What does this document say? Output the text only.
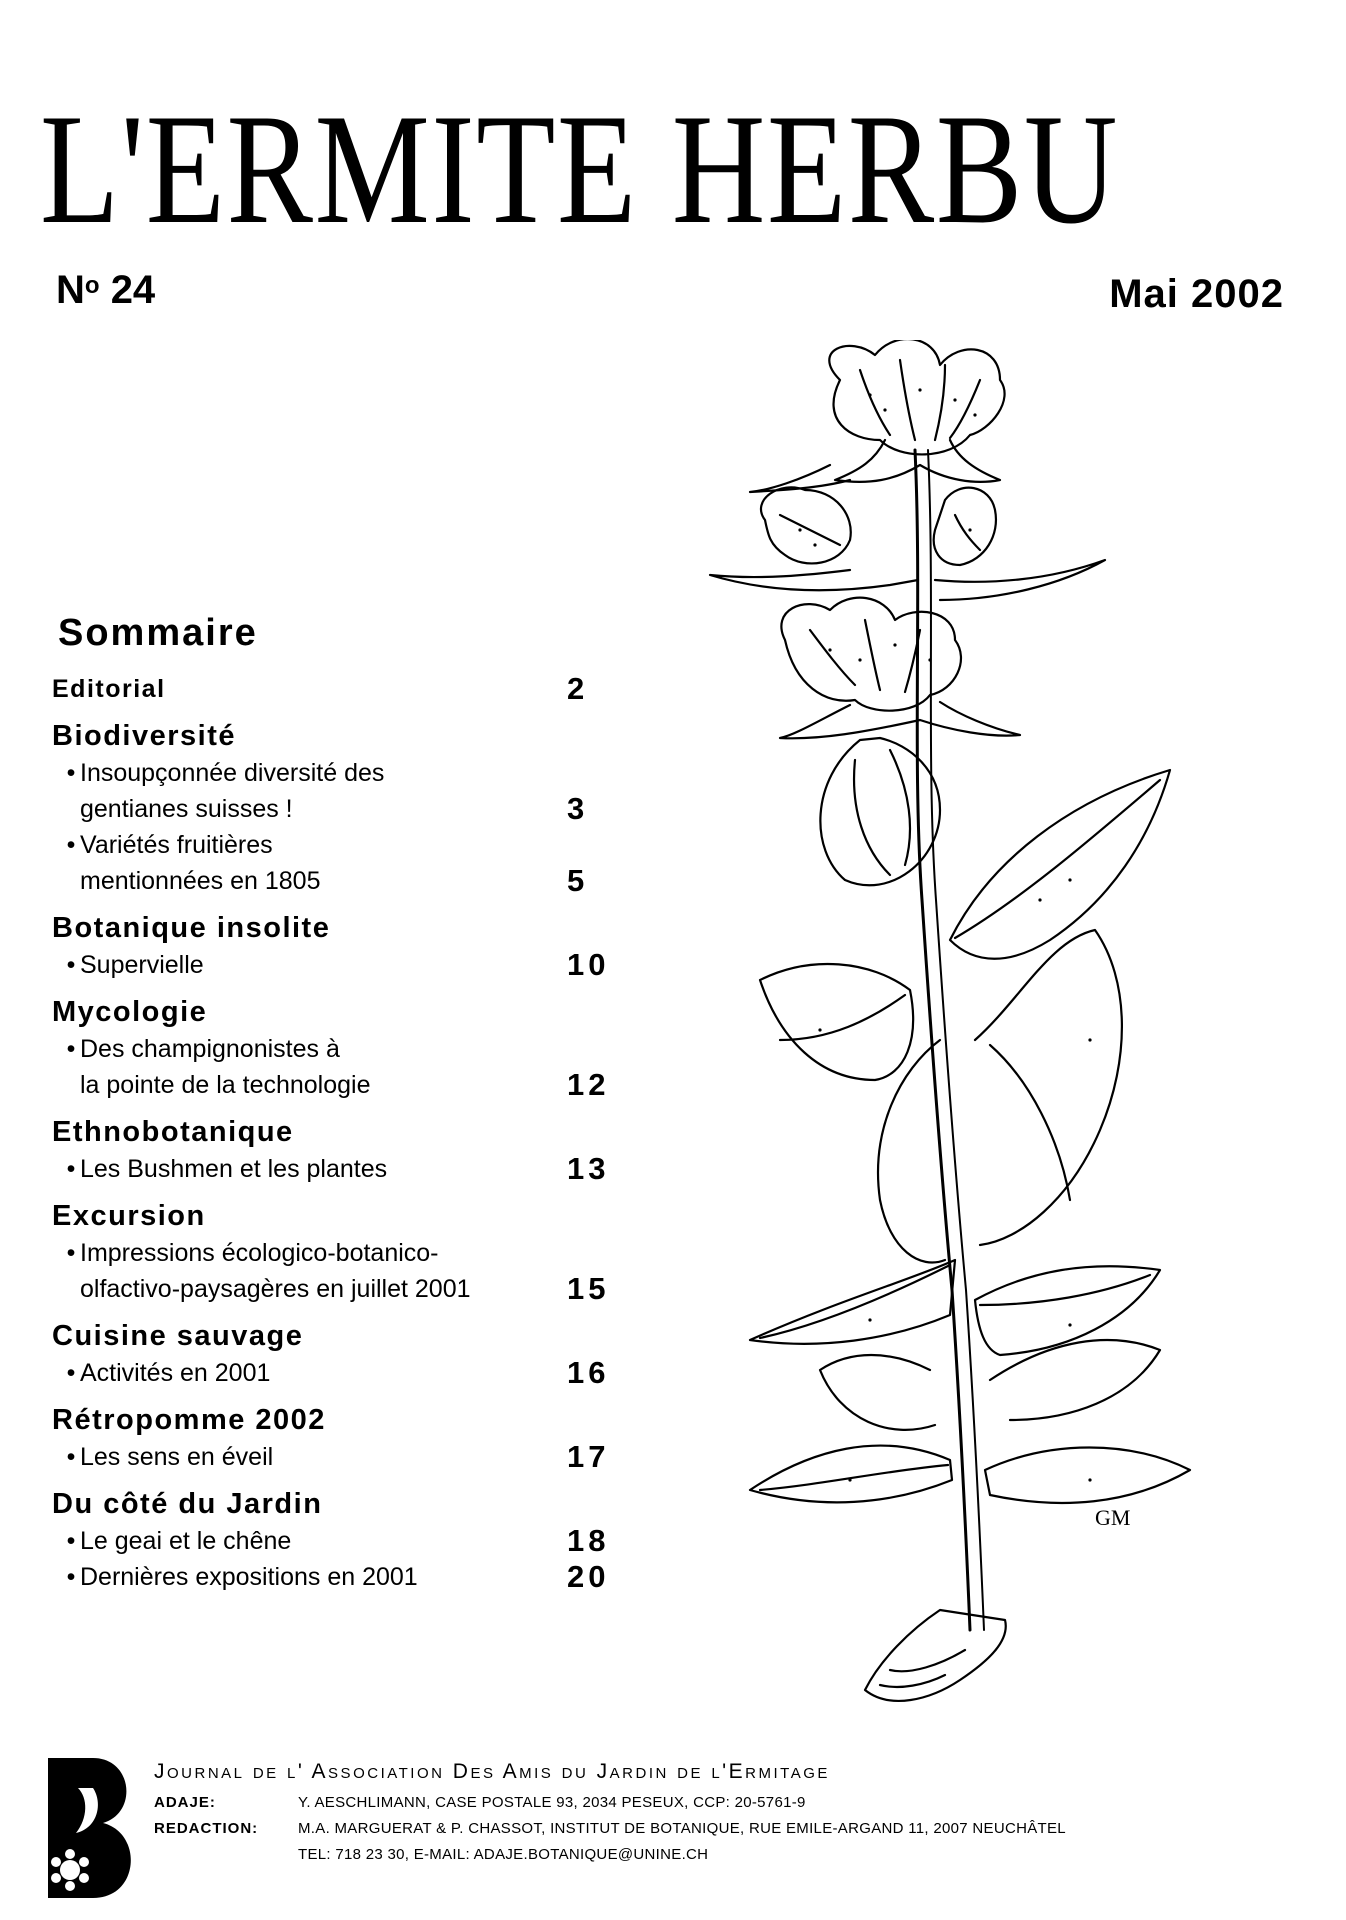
L'ERMITE HERBU
$N^o$ 24	Mai 2002
Sommaire
Editorial	2
Biodiversité
• Insoupçonnée diversité des
gentianes suisses !	3
• Variétés fruitières
mentionnées en 1805	5
Botanique insolite
• Supervielle	10
Mycologie
• Des champignonistes à
la pointe de la technologie	12
Ethnobotanique
• Les Bushmen et les plantes	13
Excursion
• Impressions écologico-botanico-
olfactivo-paysagères en juillet 2001	15
Cuisine sauvage
• Activités en 2001	16
Rétropomme 2002
• Les sens en éveil	17
Du côté du Jardin
• Le geai et le chêne	18
• Dernières expositions en 2001	20
GM
Journal de l' Association Des Amis du Jardin de l'Ermitage
ADAJE:	Y. AESCHLIMANN, CASE POSTALE 93, 2034 PESEUX, CCP: 20-5761-9
REDACTION:	M.A. MARGUERAT & P. CHASSOT, INSTITUT DE BOTANIQUE, RUE EMILE-ARGAND 11, 2007 NEUCHÂTEL
TEL: 718 23 30, E-MAIL: ADAJE.BOTANIQUE@UNINE.CH
